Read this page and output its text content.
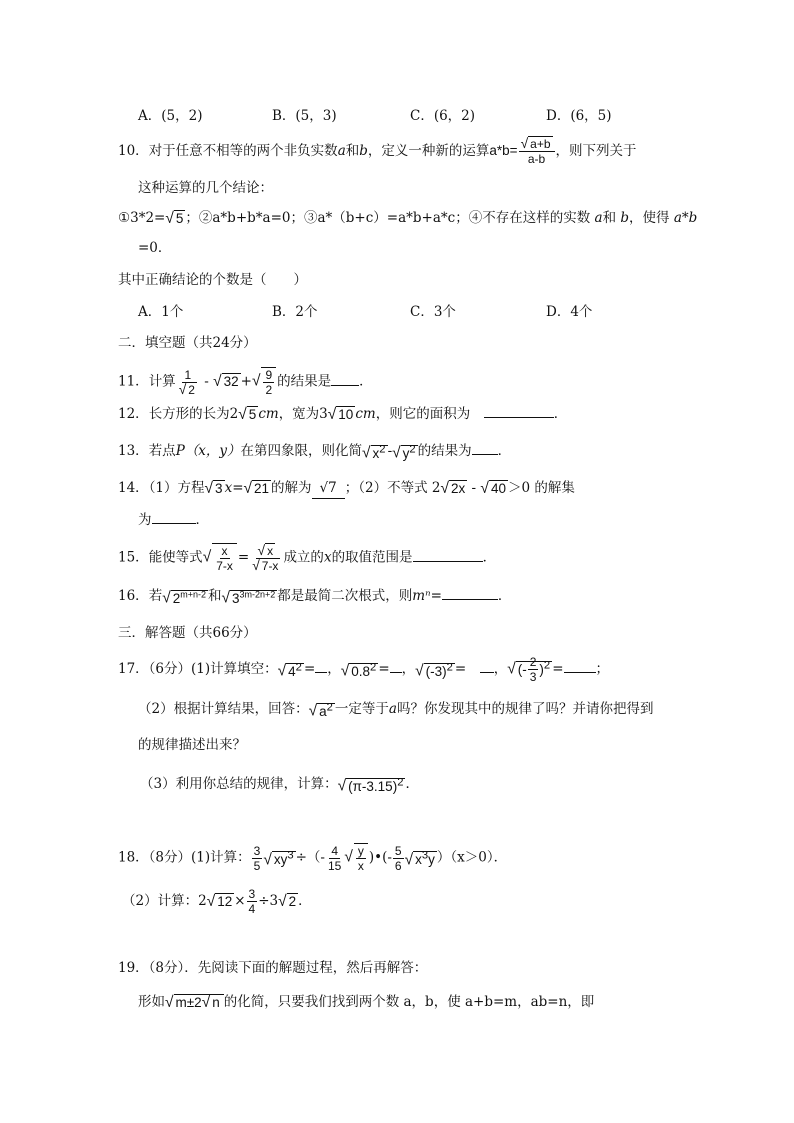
A．(5，2)	B．(5，3)	C．(6，2)	D．(6，5)
10．对于任意不相等的两个非负实数a和b，定义一种新的运算$a*b= \frac{√ a+b}{a-b}$ ，则下列关于
这种运算的几个结论：
①3*2=√ 5 ；②a*b+b*a=0；③a*（b+c）=a*b+a*c；④不存在这样的实数 a和 b，使得 a*b
=0．
其中正确结论的个数是（　　）
A．1个	B．2个	C．3个	D．4个
二．填空题（共24分）
11．计算 $\frac{1}{√ 2}$ - √ 32 +√ $\frac{9}{2}$ 的结果是 ．
12．长方形的长为2√ 5 cm，宽为3√ 10 cm，则它的面积为　	．
13．若点P（x，y）在第四象限，则化简√ $x^2$ -√ $y^2$ 的结果为 ．
14．（1）方程√ 3 x=√ 21 的解为 √7 ；（2）不等式 2√ 2x - √ 40 ＞0 的解集
为	．
15．能使等式√ $\frac{x}{7-x} = \frac{√ x}{√ 7-x}$ 成立的x的取值范围是	．
16．若√ $2^{m+n-2}$ 和√ $3^{3m-2n+2}$ 都是最简二次根式，则mⁿ=	．
三．解答题（共66分）
17．（6分）(1)计算填空：√ $4^2$ = ，√ $0.8^2$ = ，√ $(-3)^2$ =　 ，√ (- $\frac{2}{3} )^2$ = ；
（2）根据计算结果，回答：√ $a^2$ 一定等于a吗？你发现其中的规律了吗？并请你把得到
的规律描述出来？
（3）利用你总结的规律，计算：√ $(\pi-3.15)^2$ ．
18．（8分）(1)计算： $\frac{3}{5}$ √ $xy^3$ ÷（- $\frac{4}{15}$ √ $\frac{y}{x}$ )•(- $\frac{5}{6}$ √ $x^3y$ ）（x＞0）．
（2）计算：2√ $12 \times \frac{3}{4} \div 3√$ 2 ．
19．（8分）．先阅读下面的解题过程，然后再解答：
形如√ m±2√ n 的化简，只要我们找到两个数 a，b，使 a+b=m，ab=n，即
